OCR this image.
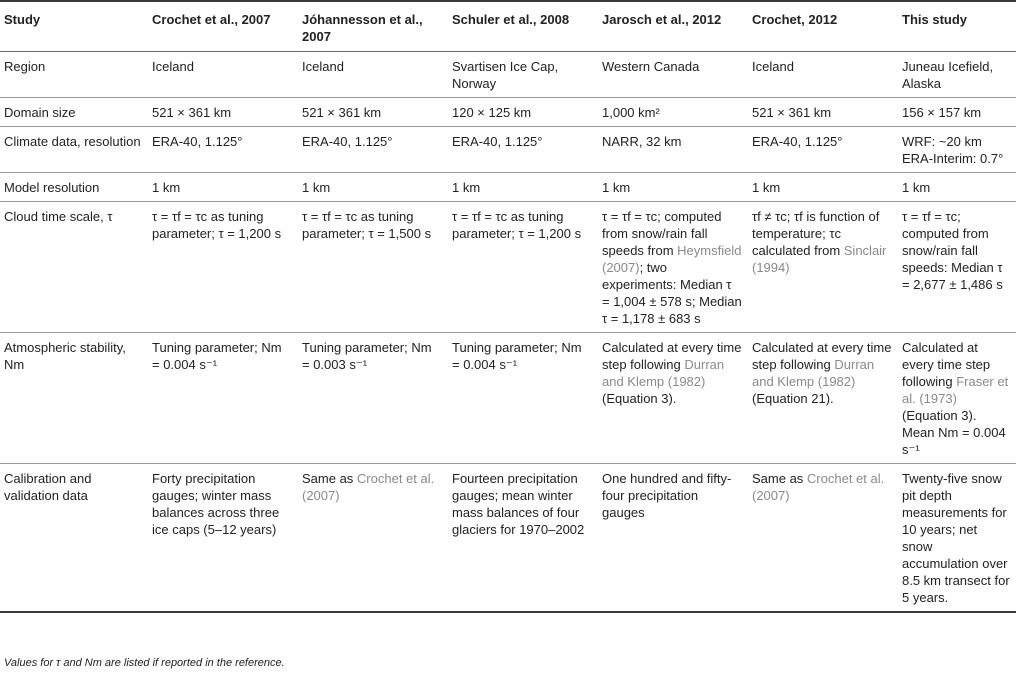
Study	Crochet et al., 2007	Jóhannesson et al., 2007	Schuler et al., 2008	Jarosch et al., 2012	Crochet, 2012	This study
Region	Iceland	Iceland	Svartisen Ice Cap, Norway	Western Canada	Iceland	Juneau Icefield, Alaska
Domain size	521 × 361 km	521 × 361 km	120 × 125 km	1,000 km²	521 × 361 km	156 × 157 km
Climate data, resolution	ERA-40, 1.125°	ERA-40, 1.125°	ERA-40, 1.125°	NARR, 32 km	ERA-40, 1.125°	WRF: ~20 km ERA-Interim: 0.7°
Model resolution	1 km	1 km	1 km	1 km	1 km	1 km
Cloud time scale, τ	τ = τf = τc as tuning parameter; τ = 1,200 s	τ = τf = τc as tuning parameter; τ = 1,500 s	τ = τf = τc as tuning parameter; τ = 1,200 s	τ = τf = τc; computed from snow/rain fall speeds from Heymsfield (2007); two experiments: Median τ = 1,004 ± 578 s; Median τ = 1,178 ± 683 s	τf ≠ τc; τf is function of temperature; τc calculated from Sinclair (1994)	τ = τf = τc; computed from snow/rain fall speeds: Median τ = 2,677 ± 1,486 s
Atmospheric stability, Nm	Tuning parameter; Nm = 0.004 s⁻¹	Tuning parameter; Nm = 0.003 s⁻¹	Tuning parameter; Nm = 0.004 s⁻¹	Calculated at every time step following Durran and Klemp (1982) (Equation 3).	Calculated at every time step following Durran and Klemp (1982) (Equation 21).	Calculated at every time step following Fraser et al. (1973) (Equation 3). Mean Nm = 0.004 s⁻¹
Calibration and validation data	Forty precipitation gauges; winter mass balances across three ice caps (5–12 years)	Same as Crochet et al. (2007)	Fourteen precipitation gauges; mean winter mass balances of four glaciers for 1970–2002	One hundred and fifty-four precipitation gauges	Same as Crochet et al. (2007)	Twenty-five snow pit depth measurements for 10 years; net snow accumulation over 8.5 km transect for 5 years.
Values for τ and Nm are listed if reported in the reference.
